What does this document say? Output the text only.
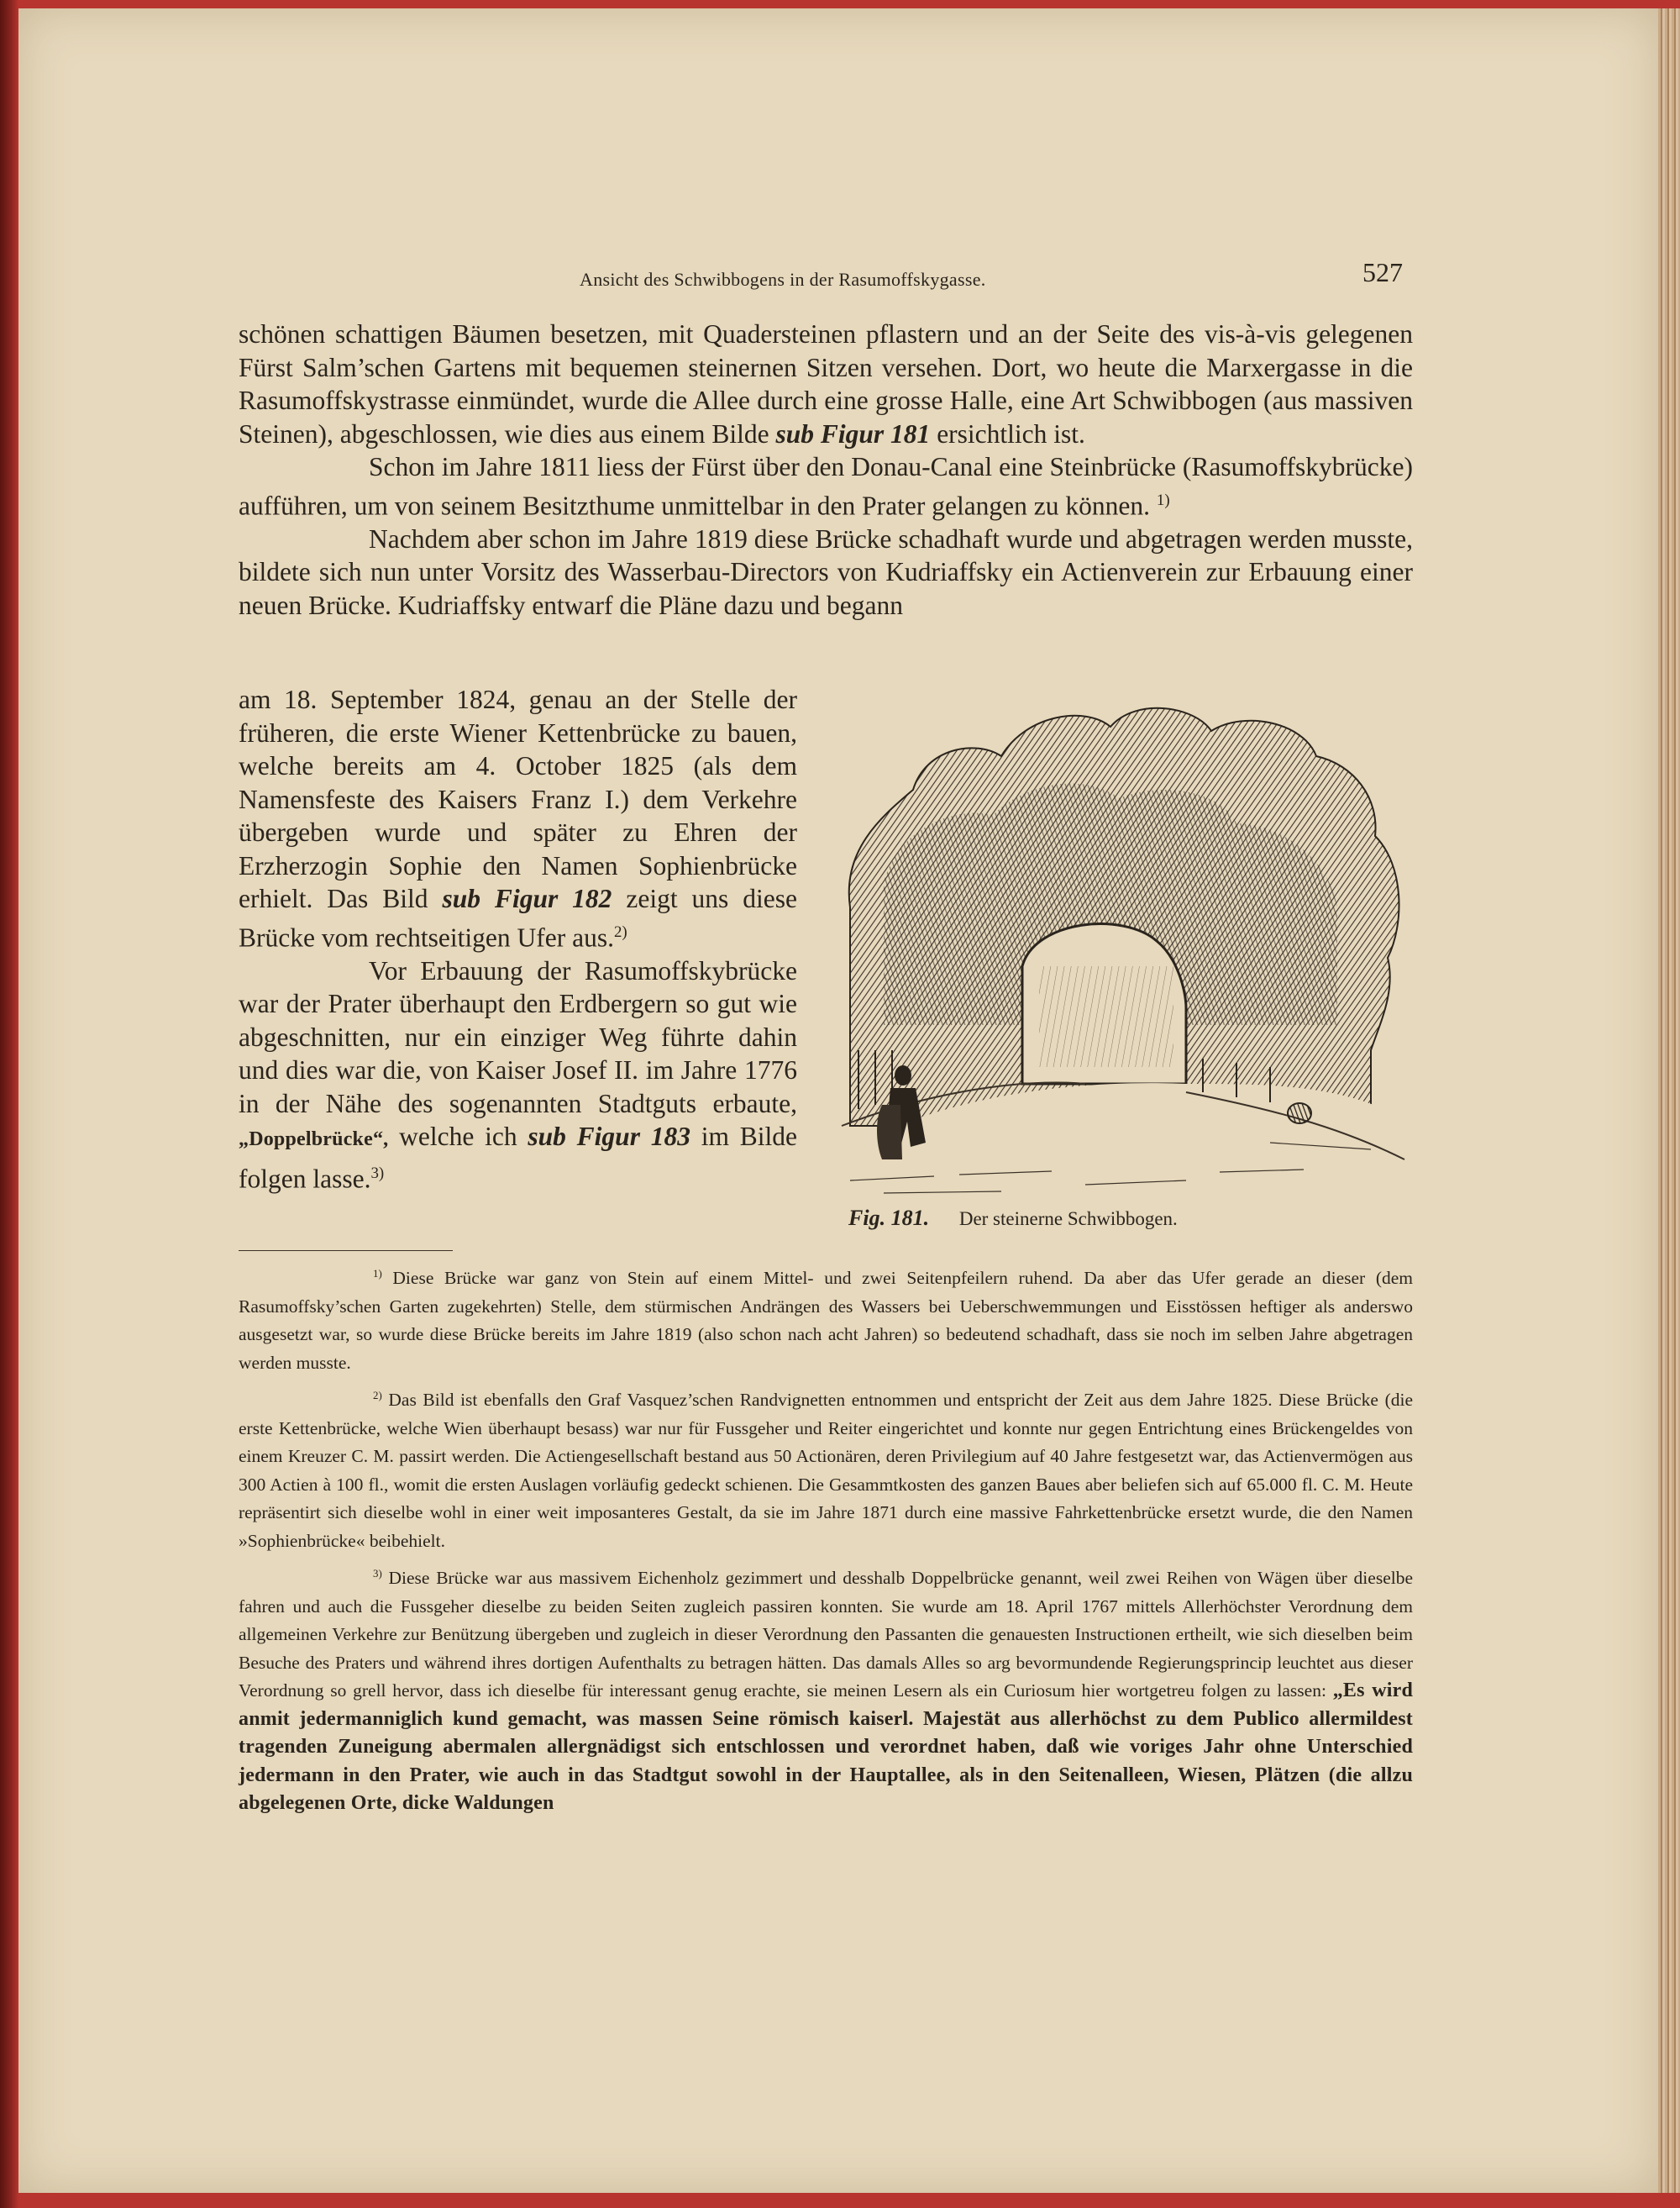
Ansicht des Schwibbogens in der Rasumoffskygasse.	527

schönen schattigen Bäumen besetzen, mit Quadersteinen pflastern und an der Seite des vis-à-vis gelegenen Fürst Salm’schen Gartens mit bequemen steinernen Sitzen versehen. Dort, wo heute die Marxergasse in die Rasumoffskystrasse einmündet, wurde die Allee durch eine grosse Halle, eine Art Schwibbogen (aus massiven Steinen), abgeschlossen, wie dies aus einem Bilde sub Figur 181 ersichtlich ist.

Schon im Jahre 1811 liess der Fürst über den Donau-Canal eine Steinbrücke (Rasumoffskybrücke) aufführen, um von seinem Besitzthume unmittelbar in den Prater gelangen zu können. $^{1)}$

Nachdem aber schon im Jahre 1819 diese Brücke schadhaft wurde und abgetragen werden musste, bildete sich nun unter Vorsitz des Wasserbau-Directors von Kudriaffsky ein Actienverein zur Erbauung einer neuen Brücke. Kudriaffsky entwarf die Pläne dazu und begann

am 18. September 1824, genau an der Stelle der früheren, die erste Wiener Kettenbrücke zu bauen, welche bereits am 4. October 1825 (als dem Namensfeste des Kaisers Franz I.) dem Verkehre übergeben wurde und später zu Ehren der Erzherzogin Sophie den Namen Sophienbrücke erhielt. Das Bild sub Figur 182 zeigt uns diese Brücke vom rechtseitigen Ufer aus.$^{2)}$

Vor Erbauung der Rasumoffskybrücke war der Prater überhaupt den Erdbergern so gut wie abgeschnitten, nur ein einziger Weg führte dahin und dies war die, von Kaiser Josef II. im Jahre 1776 in der Nähe des sogenannten Stadtguts erbaute, „Doppelbrücke“, welche ich sub Figur 183 im Bilde folgen lasse.$^{3)}$

Fig. 181. Der steinerne Schwibbogen.

$^{1)}$ Diese Brücke war ganz von Stein auf einem Mittel- und zwei Seitenpfeilern ruhend. Da aber das Ufer gerade an dieser (dem Rasumoffsky’schen Garten zugekehrten) Stelle, dem stürmischen Andrängen des Wassers bei Ueberschwemmungen und Eisstössen heftiger als anderswo ausgesetzt war, so wurde diese Brücke bereits im Jahre 1819 (also schon nach acht Jahren) so bedeutend schadhaft, dass sie noch im selben Jahre abgetragen werden musste.

$^{2)}$ Das Bild ist ebenfalls den Graf Vasquez’schen Randvignetten entnommen und entspricht der Zeit aus dem Jahre 1825. Diese Brücke (die erste Kettenbrücke, welche Wien überhaupt besass) war nur für Fussgeher und Reiter eingerichtet und konnte nur gegen Entrichtung eines Brückengeldes von einem Kreuzer C. M. passirt werden. Die Actiengesellschaft bestand aus 50 Actionären, deren Privilegium auf 40 Jahre festgesetzt war, das Actienvermögen aus 300 Actien à 100 fl., womit die ersten Auslagen vorläufig gedeckt schienen. Die Gesammtkosten des ganzen Baues aber beliefen sich auf 65.000 fl. C. M. Heute repräsentirt sich dieselbe wohl in einer weit imposanteres Gestalt, da sie im Jahre 1871 durch eine massive Fahrkettenbrücke ersetzt wurde, die den Namen »Sophienbrücke« beibehielt.

$^{3)}$ Diese Brücke war aus massivem Eichenholz gezimmert und desshalb Doppelbrücke genannt, weil zwei Reihen von Wägen über dieselbe fahren und auch die Fussgeher dieselbe zu beiden Seiten zugleich passiren konnten. Sie wurde am 18. April 1767 mittels Allerhöchster Verordnung dem allgemeinen Verkehre zur Benützung übergeben und zugleich in dieser Verordnung den Passanten die genauesten Instructionen ertheilt, wie sich dieselben beim Besuche des Praters und während ihres dortigen Aufenthalts zu betragen hätten. Das damals Alles so arg bevormundende Regierungsprincip leuchtet aus dieser Verordnung so grell hervor, dass ich dieselbe für interessant genug erachte, sie meinen Lesern als ein Curiosum hier wortgetreu folgen zu lassen: „Es wird anmit jedermanniglich kund gemacht, was massen Seine römisch kaiserl. Majestät aus allerhöchst zu dem Publico allermildest tragenden Zuneigung abermalen allergnädigst sich entschlossen und verordnet haben, daß wie voriges Jahr ohne Unterschied jedermann in den Prater, wie auch in das Stadtgut sowohl in der Hauptallee, als in den Seitenalleen, Wiesen, Plätzen (die allzu abgelegenen Orte, dicke Waldungen
